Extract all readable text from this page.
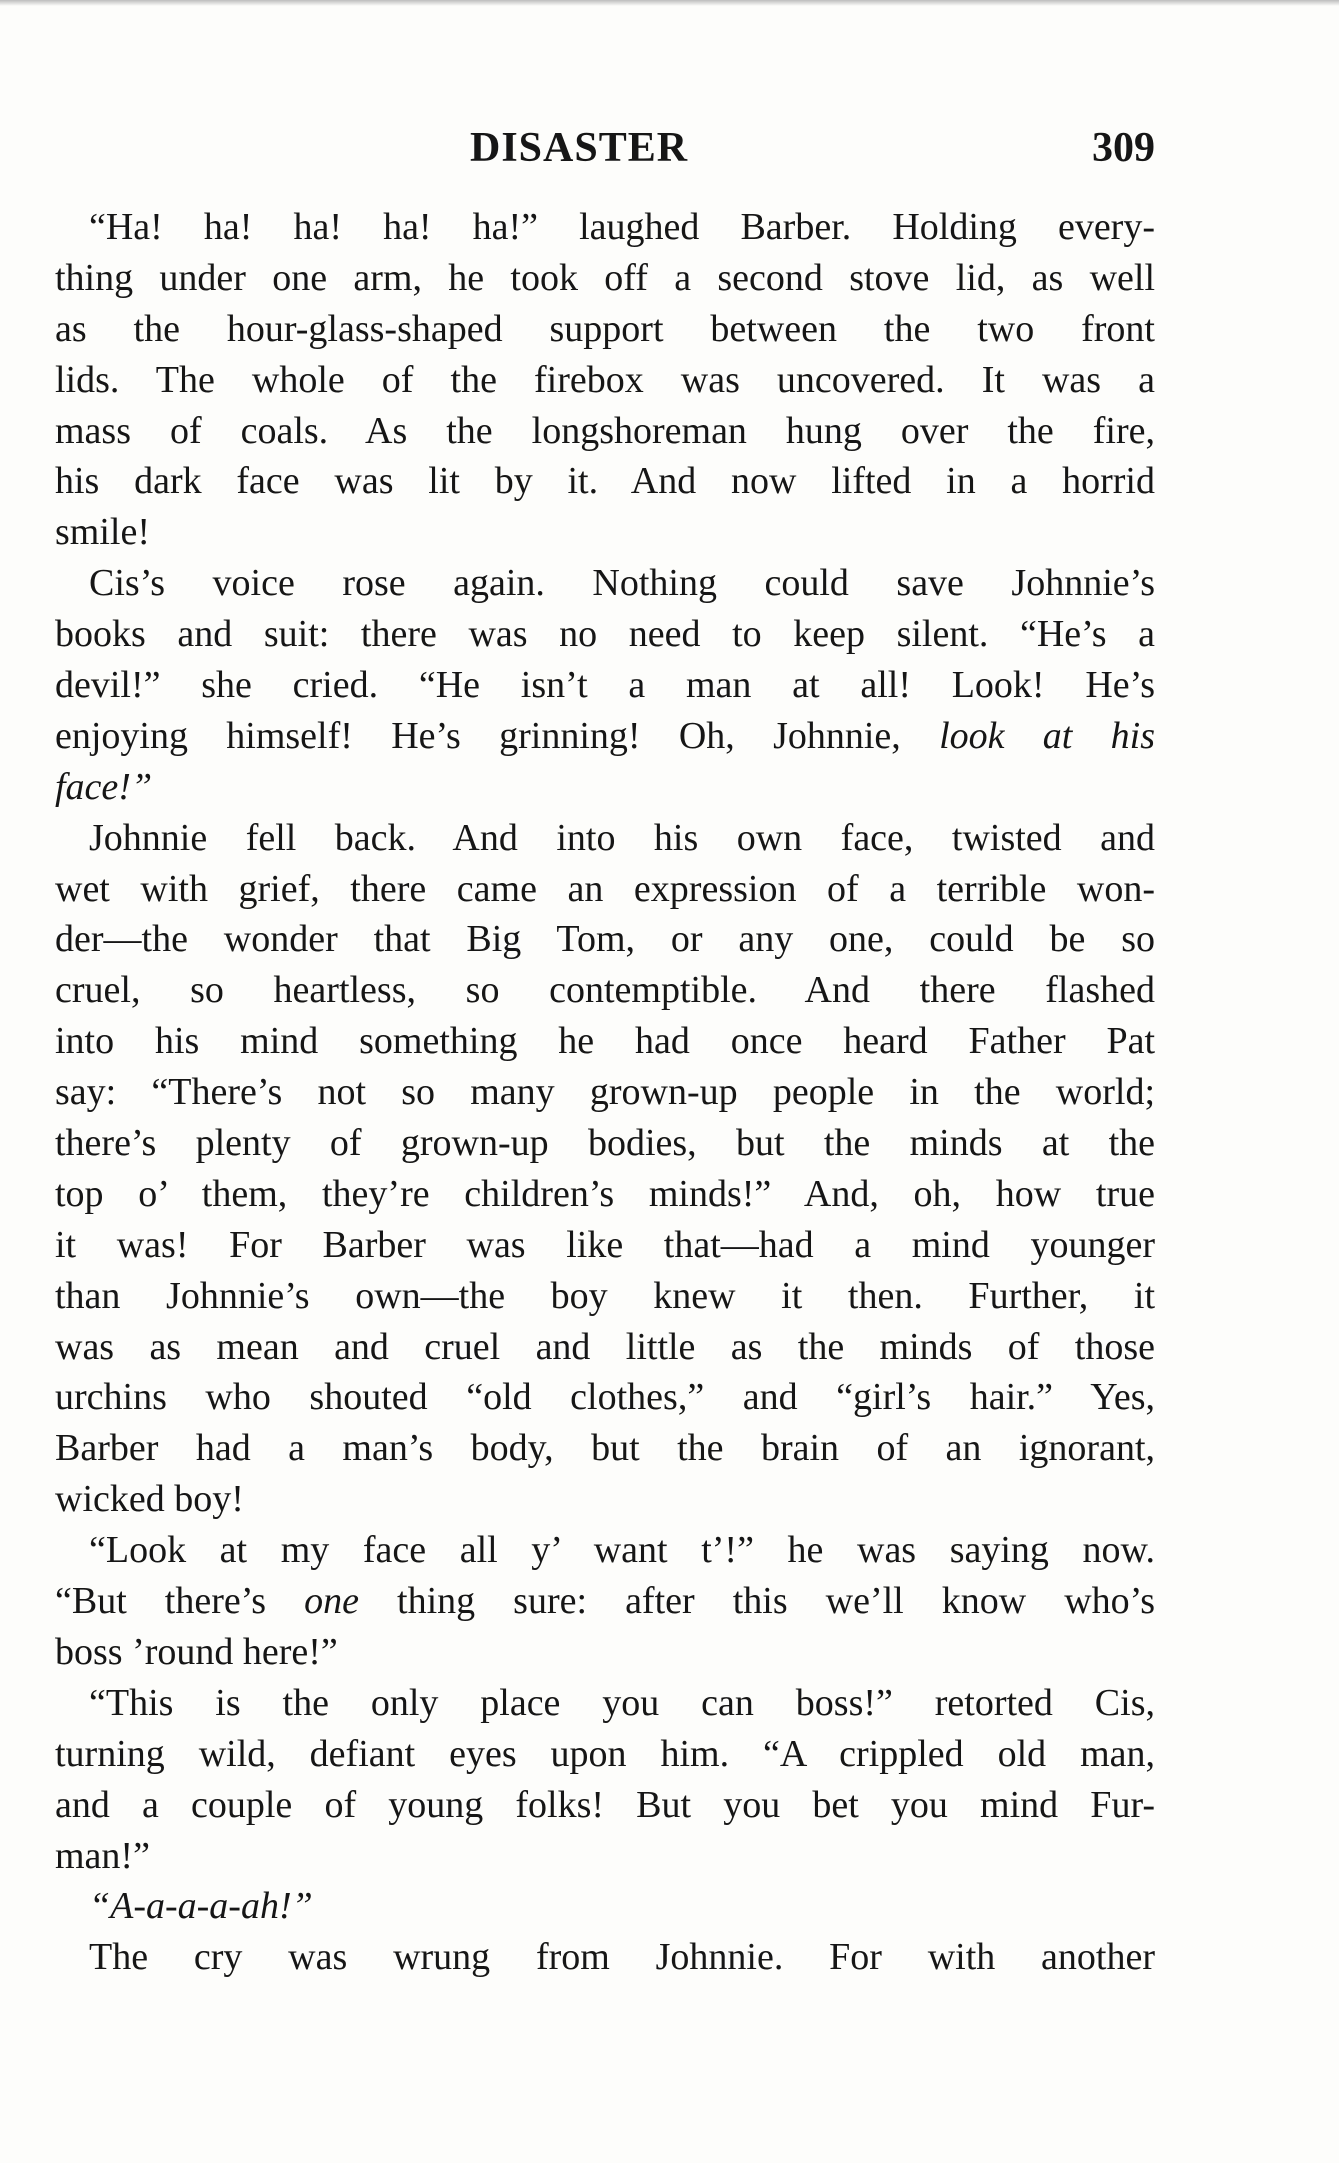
DISASTER	309
“Ha! ha! ha! ha! ha!” laughed Barber. Holding every-
thing under one arm, he took off a second stove lid, as well
as the hour-glass-shaped support between the two front
lids. The whole of the firebox was uncovered. It was a
mass of coals. As the longshoreman hung over the fire,
his dark face was lit by it. And now lifted in a horrid
smile!
Cis’s voice rose again. Nothing could save Johnnie’s
books and suit: there was no need to keep silent. “He’s a
devil!” she cried. “He isn’t a man at all! Look! He’s
enjoying himself! He’s grinning! Oh, Johnnie, look at his
face!”
Johnnie fell back. And into his own face, twisted and
wet with grief, there came an expression of a terrible won-
der—the wonder that Big Tom, or any one, could be so
cruel, so heartless, so contemptible. And there flashed
into his mind something he had once heard Father Pat
say: “There’s not so many grown-up people in the world;
there’s plenty of grown-up bodies, but the minds at the
top o’ them, they’re children’s minds!” And, oh, how true
it was! For Barber was like that—had a mind younger
than Johnnie’s own—the boy knew it then. Further, it
was as mean and cruel and little as the minds of those
urchins who shouted “old clothes,” and “girl’s hair.” Yes,
Barber had a man’s body, but the brain of an ignorant,
wicked boy!
“Look at my face all y’ want t’!” he was saying now.
“But there’s one thing sure: after this we’ll know who’s
boss ’round here!”
“This is the only place you can boss!” retorted Cis,
turning wild, defiant eyes upon him. “A crippled old man,
and a couple of young folks! But you bet you mind Fur-
man!”
“A-a-a-a-ah!”
The cry was wrung from Johnnie. For with another
